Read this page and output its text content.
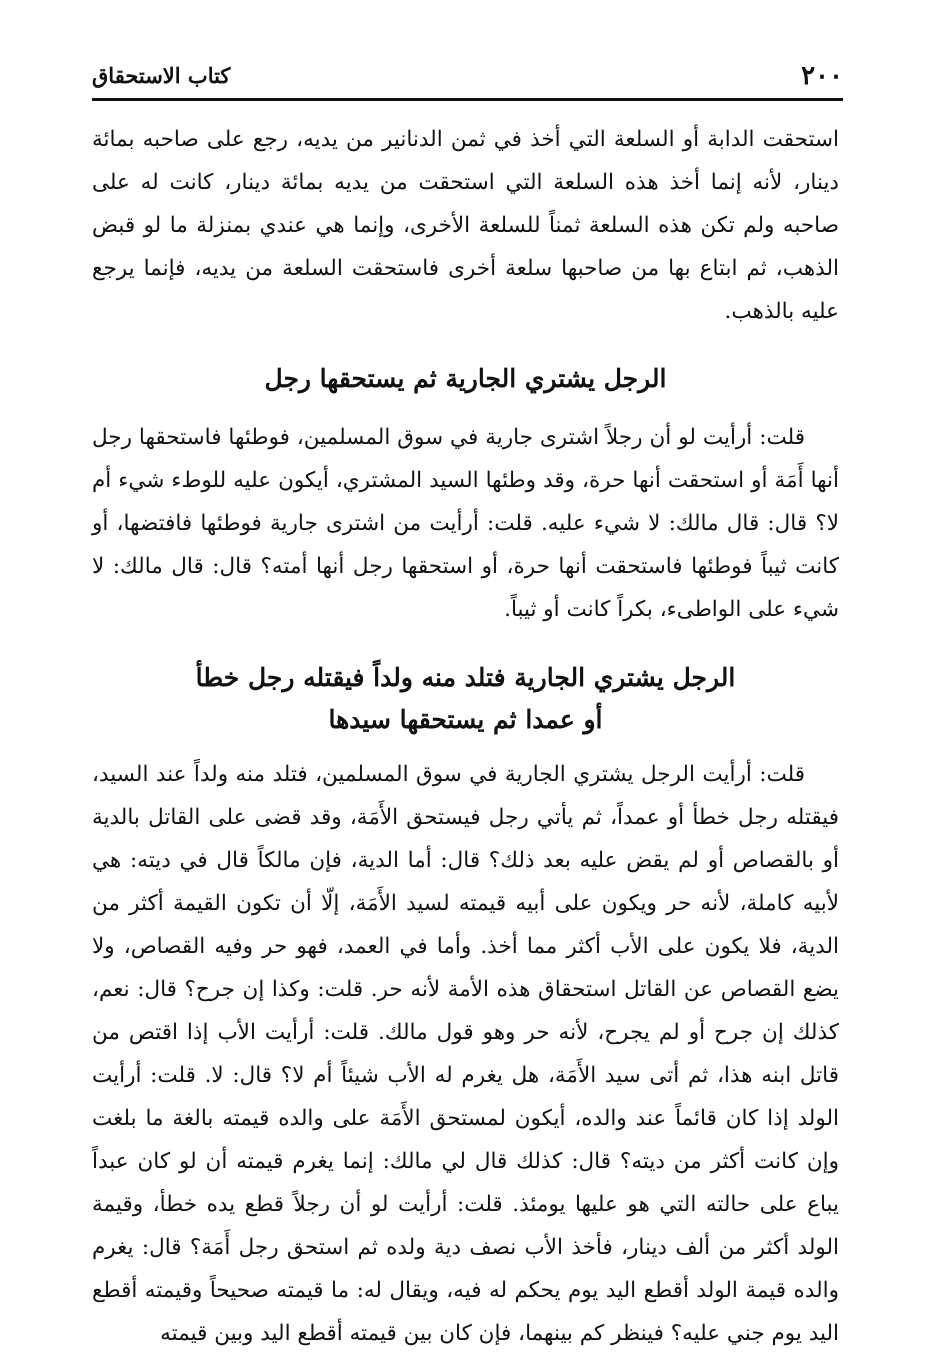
٢٠٠
كتاب الاستحقاق

استحقت الدابة أو السلعة التي أخذ في ثمن الدنانير من يديه، رجع على صاحبه بمائة دينار، لأنه إنما أخذ هذه السلعة التي استحقت من يديه بمائة دينار، كانت له على صاحبه ولم تكن هذه السلعة ثمناً للسلعة الأخرى، وإنما هي عندي بمنزلة ما لو قبض الذهب، ثم ابتاع بها من صاحبها سلعة أخرى فاستحقت السلعة من يديه، فإنما يرجع عليه بالذهب.

الرجل يشتري الجارية ثم يستحقها رجل

قلت: أرأيت لو أن رجلاً اشترى جارية في سوق المسلمين، فوطئها فاستحقها رجل أنها أَمَة أو استحقت أنها حرة، وقد وطئها السيد المشتري، أيكون عليه للوطء شيء أم لا؟ قال: قال مالك: لا شيء عليه. قلت: أرأيت من اشترى جارية فوطئها فافتضها، أو كانت ثيباً فوطئها فاستحقت أنها حرة، أو استحقها رجل أنها أمته؟ قال: قال مالك: لا شيء على الواطىء، بكراً كانت أو ثيباً.

الرجل يشتري الجارية فتلد منه ولداً فيقتله رجل خطأ
أو عمدا ثم يستحقها سيدها

قلت: أرأيت الرجل يشتري الجارية في سوق المسلمين، فتلد منه ولداً عند السيد، فيقتله رجل خطأ أو عمداً، ثم يأتي رجل فيستحق الأَمَة، وقد قضى على القاتل بالدية أو بالقصاص أو لم يقض عليه بعد ذلك؟ قال: أما الدية، فإن مالكاً قال في ديته: هي لأبيه كاملة، لأنه حر ويكون على أبيه قيمته لسيد الأَمَة، إلّا أن تكون القيمة أكثر من الدية، فلا يكون على الأب أكثر مما أخذ. وأما في العمد، فهو حر وفيه القصاص، ولا يضع القصاص عن القاتل استحقاق هذه الأمة لأنه حر. قلت: وكذا إن جرح؟ قال: نعم، كذلك إن جرح أو لم يجرح، لأنه حر وهو قول مالك. قلت: أرأيت الأب إذا اقتص من قاتل ابنه هذا، ثم أتى سيد الأَمَة، هل يغرم له الأب شيئاً أم لا؟ قال: لا. قلت: أرأيت الولد إذا كان قائماً عند والده، أيكون لمستحق الأَمَة على والده قيمته بالغة ما بلغت وإن كانت أكثر من ديته؟ قال: كذلك قال لي مالك: إنما يغرم قيمته أن لو كان عبداً يباع على حالته التي هو عليها يومئذ. قلت: أرأيت لو أن رجلاً قطع يده خطأ، وقيمة الولد أكثر من ألف دينار، فأخذ الأب نصف دية ولده ثم استحق رجل أَمَة؟ قال: يغرم والده قيمة الولد أقطع اليد يوم يحكم له فيه، ويقال له: ما قيمته صحيحاً وقيمته أقطع اليد يوم جني عليه؟ فينظر كم بينهما، فإن كان بين قيمته أقطع اليد وبين قيمته
